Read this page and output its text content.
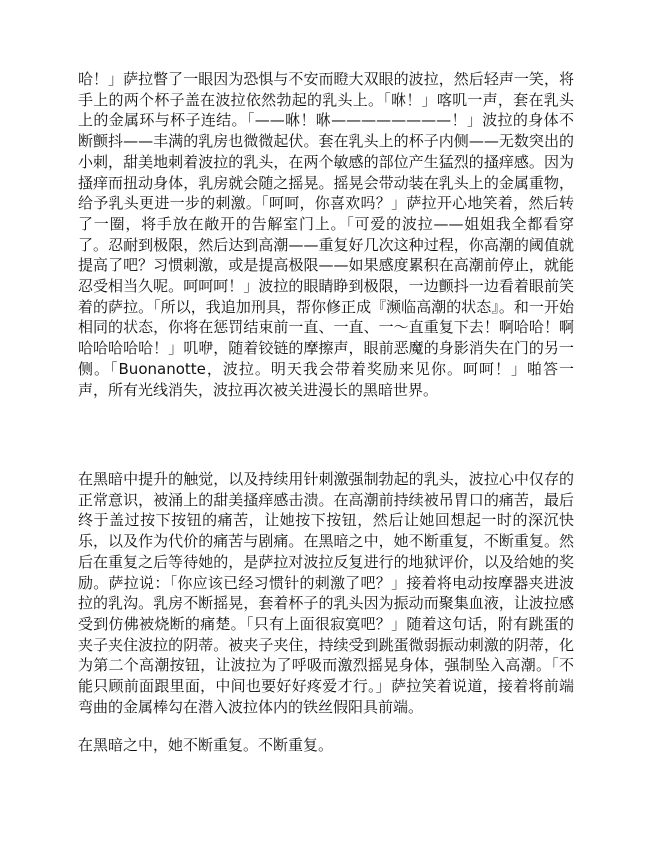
哈！」萨拉瞥了一眼因为恐惧与不安而瞪大双眼的波拉，然后轻声一笑，将手上的两个杯子盖在波拉依然勃起的乳头上。「咻！」喀叽一声，套在乳头上的金属环与杯子连结。「——咻！咻————————！」波拉的身体不断颤抖——丰满的乳房也微微起伏。套在乳头上的杯子内侧——无数突出的小刺，甜美地刺着波拉的乳头，在两个敏感的部位产生猛烈的搔痒感。因为搔痒而扭动身体，乳房就会随之摇晃。摇晃会带动装在乳头上的金属重物，给予乳头更进一步的刺激。「呵呵，你喜欢吗？」萨拉开心地笑着，然后转了一圈，将手放在敞开的告解室门上。「可爱的波拉——姐姐我全都看穿了。忍耐到极限，然后达到高潮——重复好几次这种过程，你高潮的阈值就提高了吧？习惯刺激，或是提高极限——如果感度累积在高潮前停止，就能忍受相当久呢。呵呵呵！」波拉的眼睛睁到极限，一边颤抖一边看着眼前笑着的萨拉。「所以，我追加刑具，帮你修正成『濒临高潮的状态』。和一开始相同的状态，你将在惩罚结束前一直、一直、一～直重复下去！啊哈哈！啊哈哈哈哈哈！」叽咿，随着铰链的摩擦声，眼前恶魔的身影消失在门的另一侧。「Buonanotte，波拉。明天我会带着奖励来见你。呵呵！」啪答一声，所有光线消失，波拉再次被关进漫长的黑暗世界。

在黑暗中提升的触觉，以及持续用针刺激强制勃起的乳头，波拉心中仅存的正常意识，被涌上的甜美搔痒感击溃。在高潮前持续被吊胃口的痛苦，最后终于盖过按下按钮的痛苦，让她按下按钮，然后让她回想起一时的深沉快乐，以及作为代价的痛苦与剧痛。在黑暗之中，她不断重复，不断重复。然后在重复之后等待她的，是萨拉对波拉反复进行的地狱评价，以及给她的奖励。萨拉说：「你应该已经习惯针的刺激了吧？」接着将电动按摩器夹进波拉的乳沟。乳房不断摇晃，套着杯子的乳头因为振动而聚集血液，让波拉感受到仿佛被烧断的痛楚。「只有上面很寂寞吧？」随着这句话，附有跳蛋的夹子夹住波拉的阴蒂。被夹子夹住，持续受到跳蛋微弱振动刺激的阴蒂，化为第二个高潮按钮，让波拉为了呼吸而激烈摇晃身体，强制坠入高潮。「不能只顾前面跟里面，中间也要好好疼爱才行。」萨拉笑着说道，接着将前端弯曲的金属棒勾在潜入波拉体内的铁丝假阳具前端。

在黑暗之中，她不断重复。不断重复。
